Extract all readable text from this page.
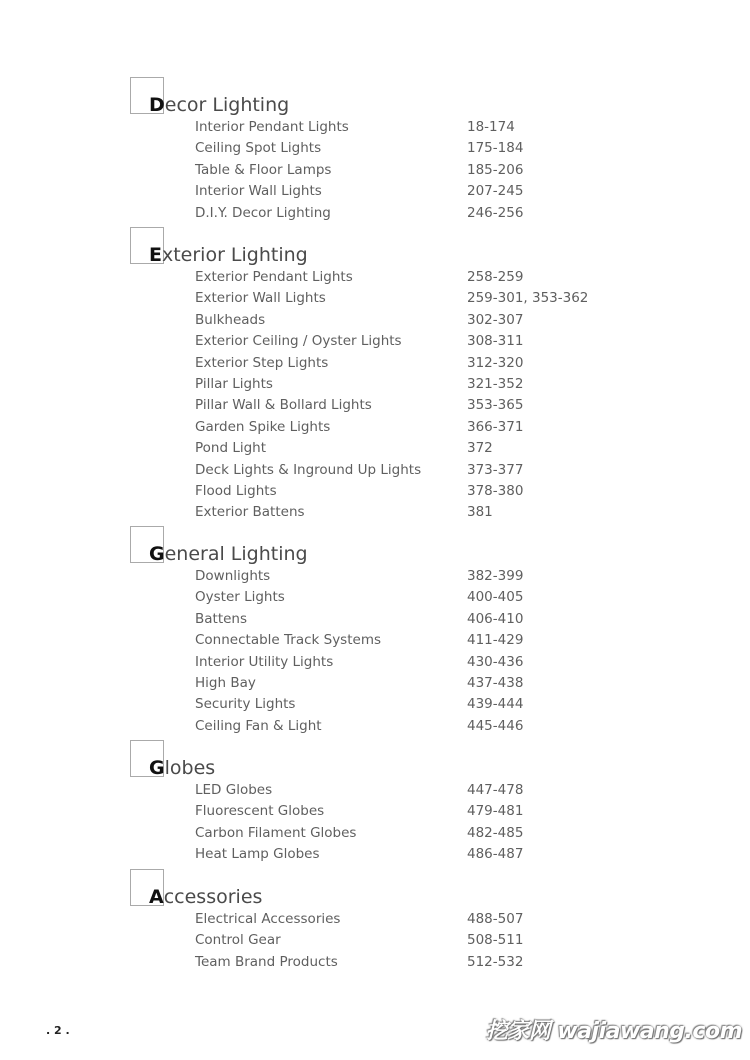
Decor Lighting
Interior Pendant Lights	18-174
Ceiling Spot Lights	175-184
Table & Floor Lamps	185-206
Interior Wall Lights	207-245
D.I.Y. Decor Lighting	246-256
Exterior Lighting
Exterior Pendant Lights	258-259
Exterior Wall Lights	259-301, 353-362
Bulkheads	302-307
Exterior Ceiling / Oyster Lights	308-311
Exterior Step Lights	312-320
Pillar Lights	321-352
Pillar Wall & Bollard Lights	353-365
Garden Spike Lights	366-371
Pond Light	372
Deck Lights & Inground Up Lights	373-377
Flood Lights	378-380
Exterior Battens	381
General Lighting
Downlights	382-399
Oyster Lights	400-405
Battens	406-410
Connectable Track Systems	411-429
Interior Utility Lights	430-436
High Bay	437-438
Security Lights	439-444
Ceiling Fan & Light	445-446
Globes
LED Globes	447-478
Fluorescent Globes	479-481
Carbon Filament Globes	482-485
Heat Lamp Globes	486-487
Accessories
Electrical Accessories	488-507
Control Gear	508-511
Team Brand Products	512-532
. 2 .	挖家网 wajiawang.com
